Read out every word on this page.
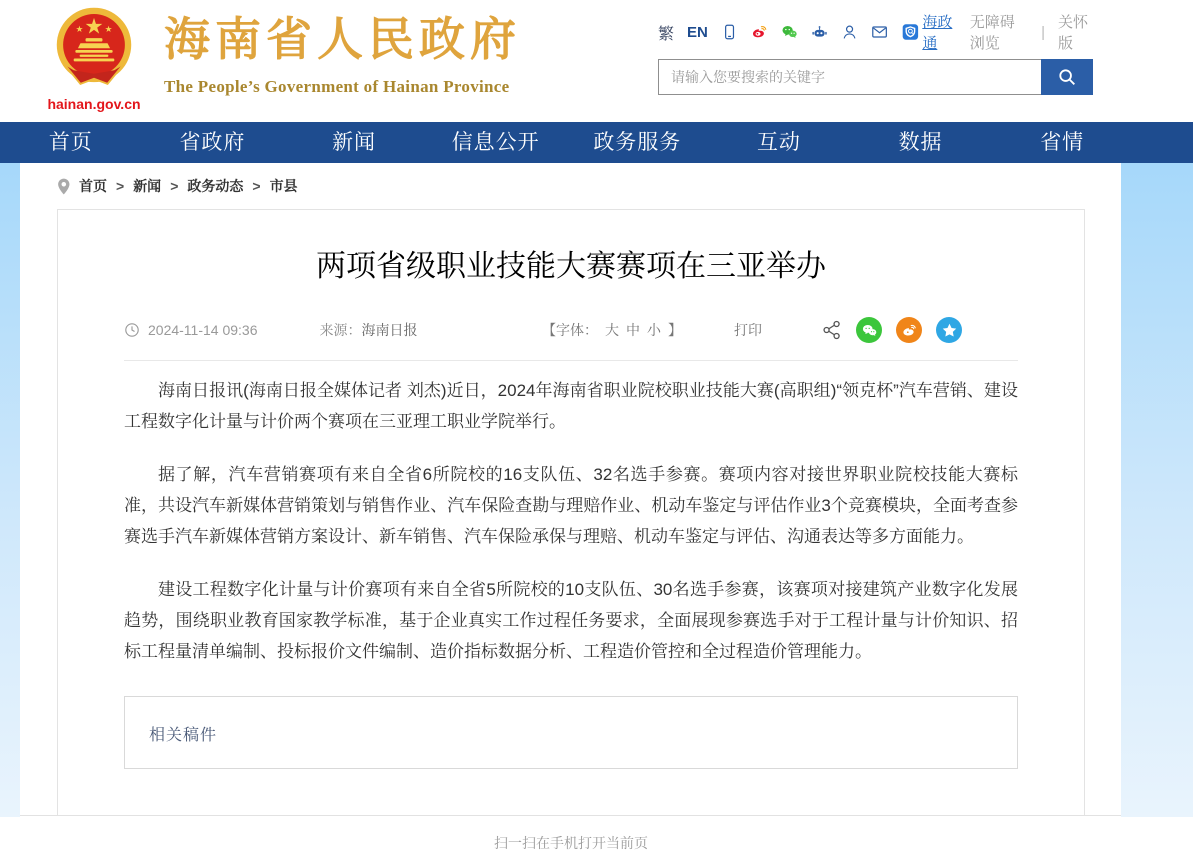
hainan.gov.cn
海南省人民政府
The People’s Government of Hainan Province
繁 EN
海政通
无障碍浏览
|
关怀版
请输入您要搜索的关键字
首页	省政府	新闻	信息公开	政务服务	互动	数据	省情
首页 > 新闻 > 政务动态 > 市县
两项省级职业技能大赛赛项在三亚举办
2024-11-14 09:36	来源：海南日报	【字体： 大 中 小 】	打印

海南日报讯(海南日报全媒体记者 刘杰)近日，2024年海南省职业院校职业技能大赛(高职组)“领克杯”汽车营销、建设工程数字化计量与计价两个赛项在三亚理工职业学院举行。

据了解，汽车营销赛项有来自全省6所院校的16支队伍、32名选手参赛。赛项内容对接世界职业院校技能大赛标准，共设汽车新媒体营销策划与销售作业、汽车保险查勘与理赔作业、机动车鉴定与评估作业3个竞赛模块，全面考查参赛选手汽车新媒体营销方案设计、新车销售、汽车保险承保与理赔、机动车鉴定与评估、沟通表达等多方面能力。

建设工程数字化计量与计价赛项有来自全省5所院校的10支队伍、30名选手参赛，该赛项对接建筑产业数字化发展趋势，围绕职业教育国家教学标准，基于企业真实工作过程任务要求，全面展现参赛选手对于工程计量与计价知识、招标工程量清单编制、投标报价文件编制、造价指标数据分析、工程造价管控和全过程造价管理能力。

相关稿件
扫一扫在手机打开当前页
